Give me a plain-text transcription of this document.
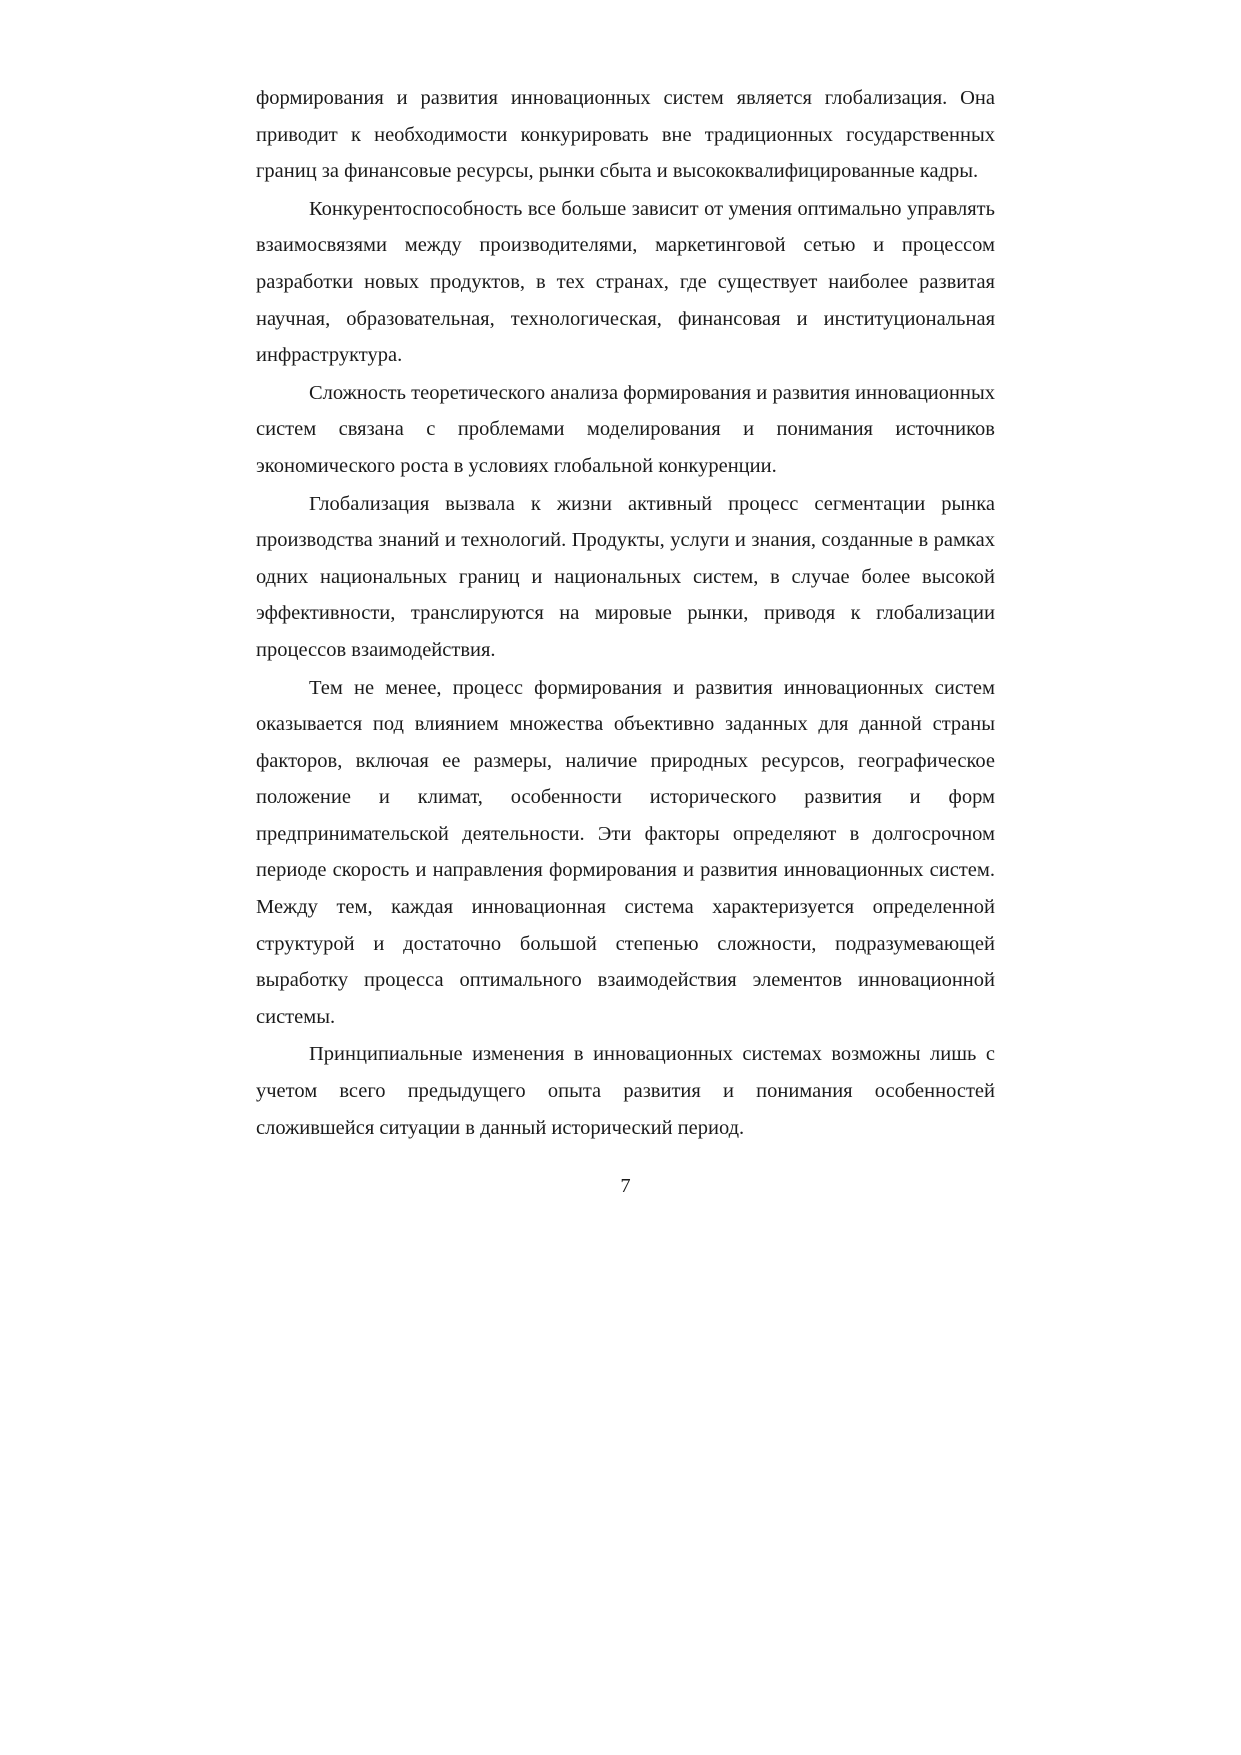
формирования и развития инновационных систем является глобализация. Она приводит к необходимости конкурировать вне традиционных государственных границ за финансовые ресурсы, рынки сбыта и высококвалифицированные кадры.

Конкурентоспособность все больше зависит от умения оптимально управлять взаимосвязями между производителями, маркетинговой сетью и процессом разработки новых продуктов, в тех странах, где существует наиболее развитая научная, образовательная, технологическая, финансовая и институциональная инфраструктура.

Сложность теоретического анализа формирования и развития инновационных систем связана с проблемами моделирования и понимания источников экономического роста в условиях глобальной конкуренции.

Глобализация вызвала к жизни активный процесс сегментации рынка производства знаний и технологий. Продукты, услуги и знания, созданные в рамках одних национальных границ и национальных систем, в случае более высокой эффективности, транслируются на мировые рынки, приводя к глобализации процессов взаимодействия.

Тем не менее, процесс формирования и развития инновационных систем оказывается под влиянием множества объективно заданных для данной страны факторов, включая ее размеры, наличие природных ресурсов, географическое положение и климат, особенности исторического развития и форм предпринимательской деятельности. Эти факторы определяют в долгосрочном периоде скорость и направления формирования и развития инновационных систем. Между тем, каждая инновационная система характеризуется определенной структурой и достаточно большой степенью сложности, подразумевающей выработку процесса оптимального взаимодействия элементов инновационной системы.

Принципиальные изменения в инновационных системах возможны лишь с учетом всего предыдущего опыта развития и понимания особенностей сложившейся ситуации в данный исторический период.

7
